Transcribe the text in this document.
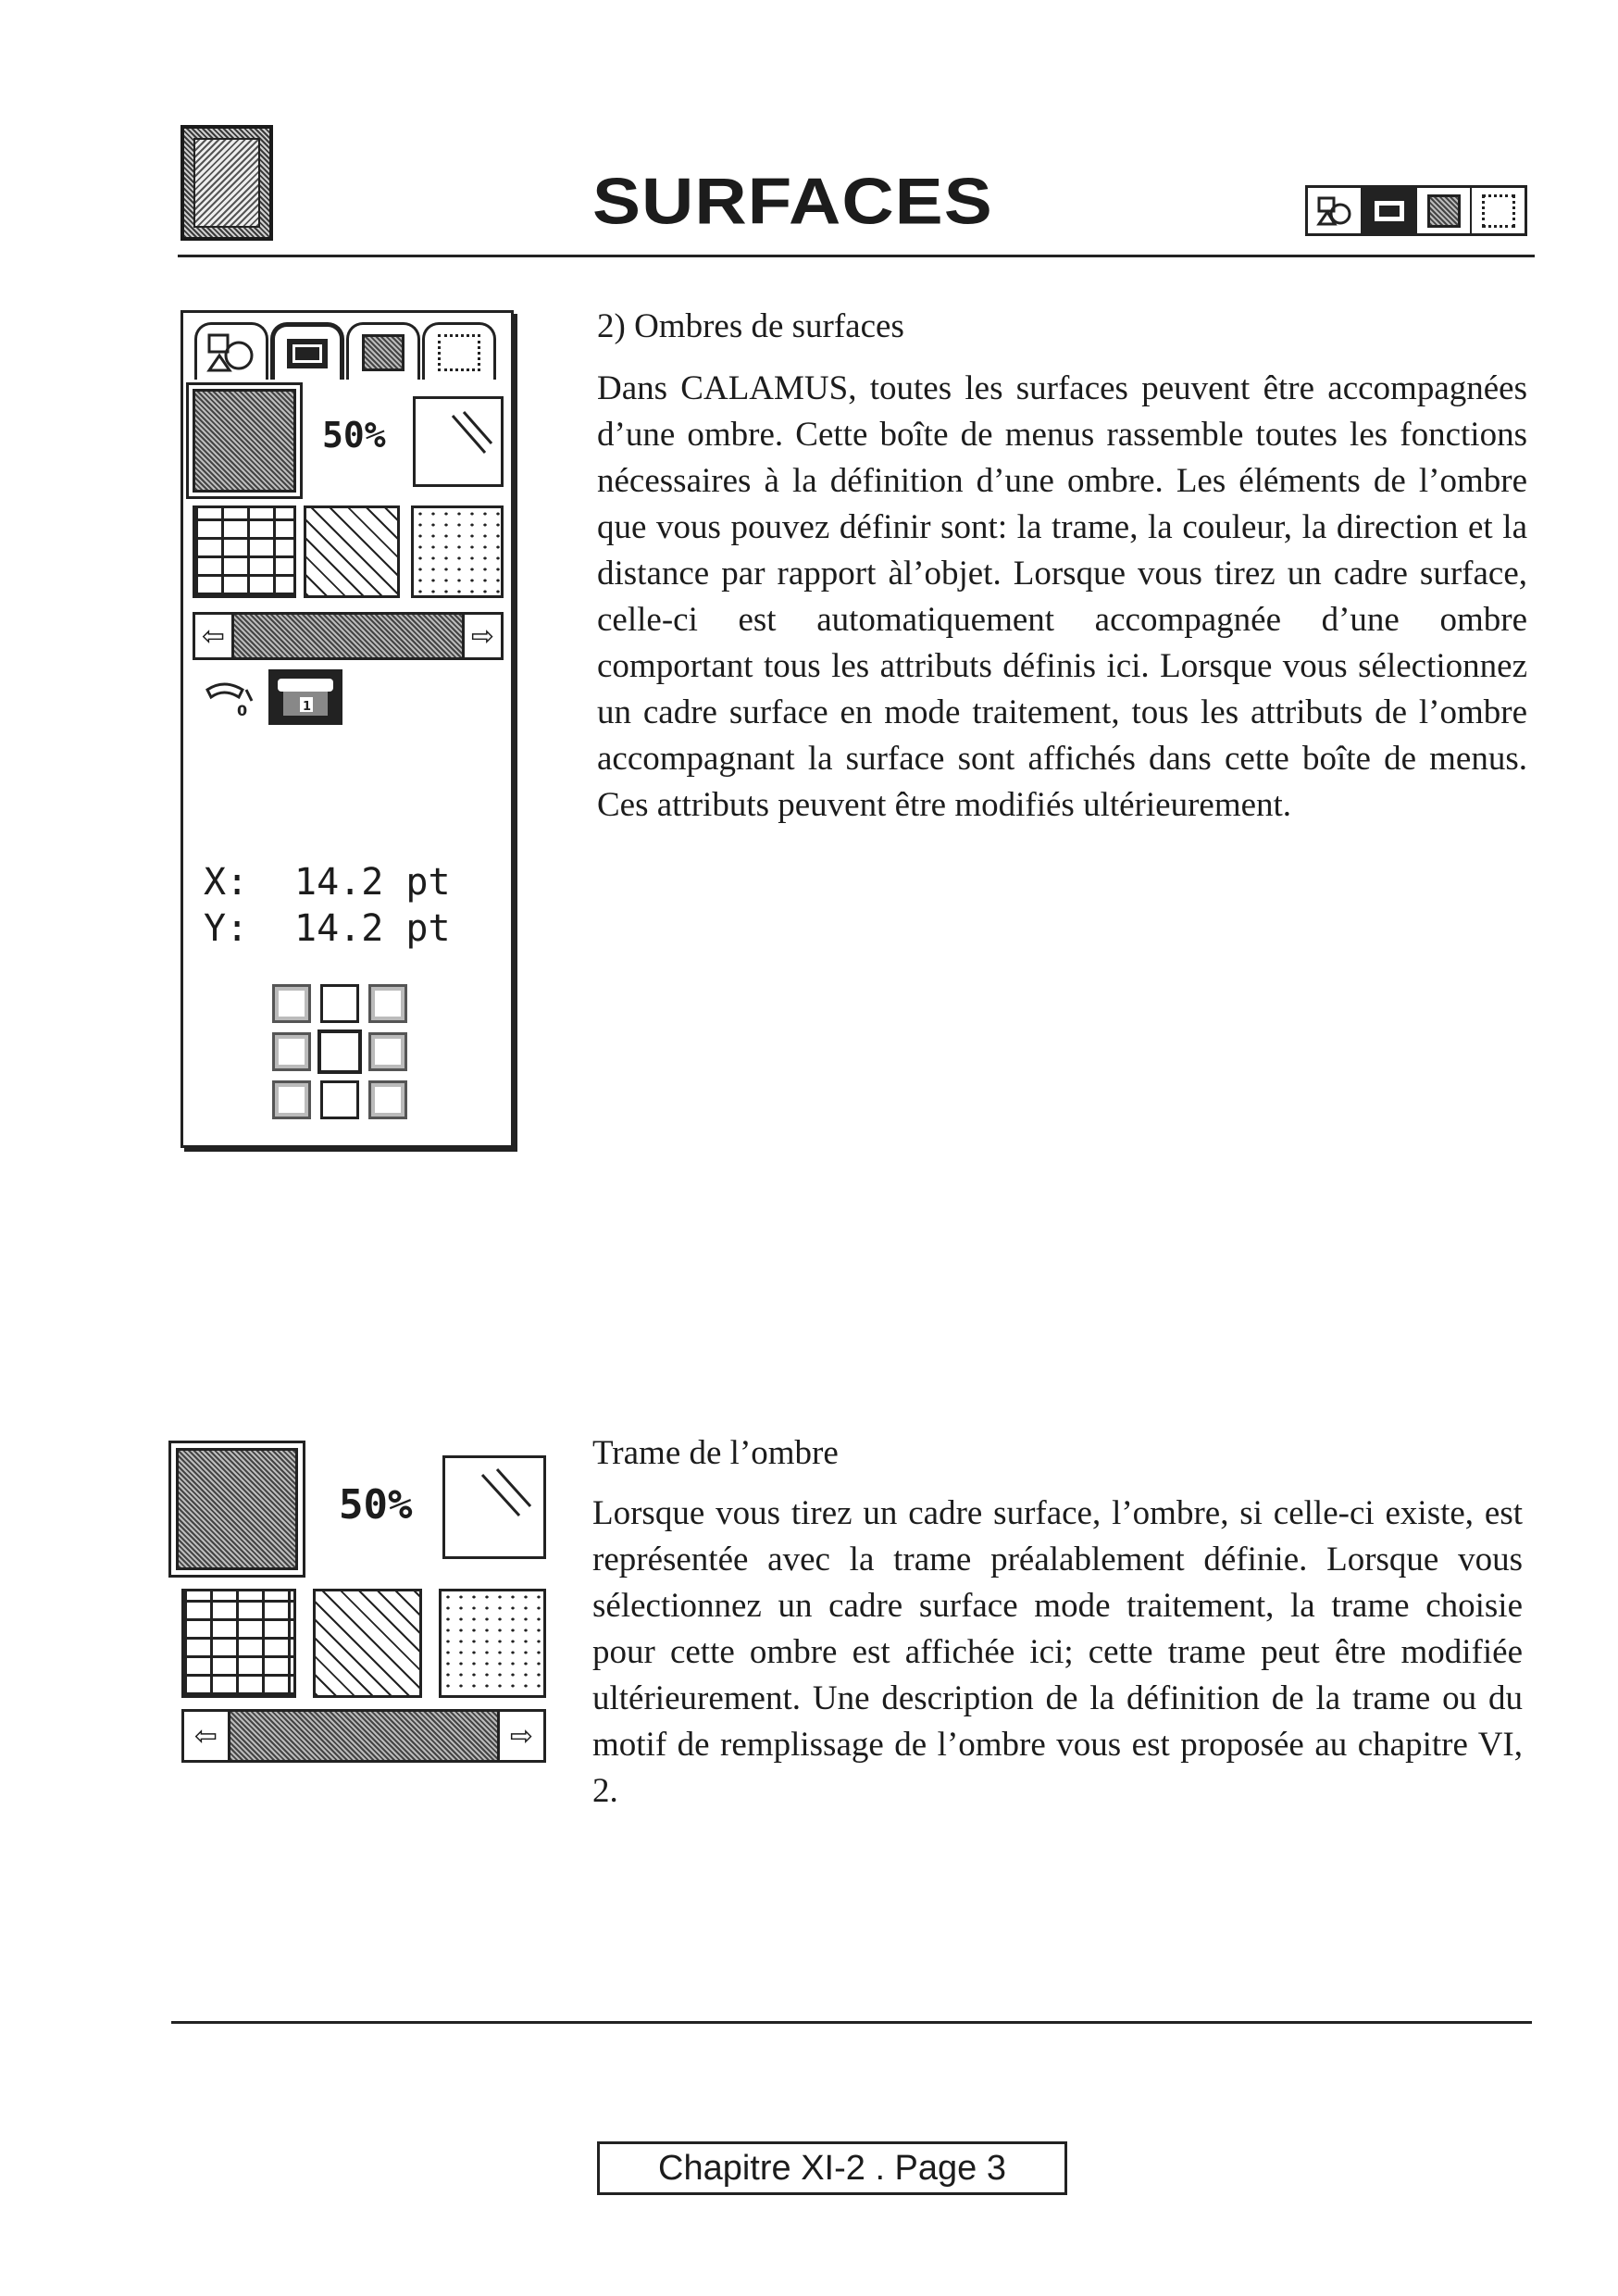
SURFACES
50%
⇦	⇨
0	1
X: 14.2 pt
Y: 14.2 pt
2) Ombres de surfaces
Dans CALAMUS, toutes les surfaces peuvent être accompagnées d’une ombre. Cette boîte de menus rassemble toutes les fonctions nécessaires à la définition d’une ombre. Les éléments de l’ombre que vous pouvez définir sont: la trame, la couleur, la direction et la distance par rapport àl’objet. Lorsque vous tirez un cadre surface, celle-ci est automatiquement accompagnée d’une ombre comportant tous les attributs définis ici. Lorsque vous sélectionnez un cadre surface en mode traitement, tous les attributs de l’ombre accompagnant la surface sont affichés dans cette boîte de menus. Ces attributs peuvent être modifiés ultérieurement.
50%
⇦	⇨
Trame de l’ombre
Lorsque vous tirez un cadre surface, l’ombre, si celle-ci existe, est représentée avec la trame préalablement définie. Lorsque vous sélectionnez un cadre surface mode traitement, la trame choisie pour cette ombre est affichée ici; cette trame peut être modifiée ultérieurement. Une description de la définition de la trame ou du motif de remplissage de l’ombre vous est proposée au chapitre VI, 2.
Chapitre XI-2 . Page 3
